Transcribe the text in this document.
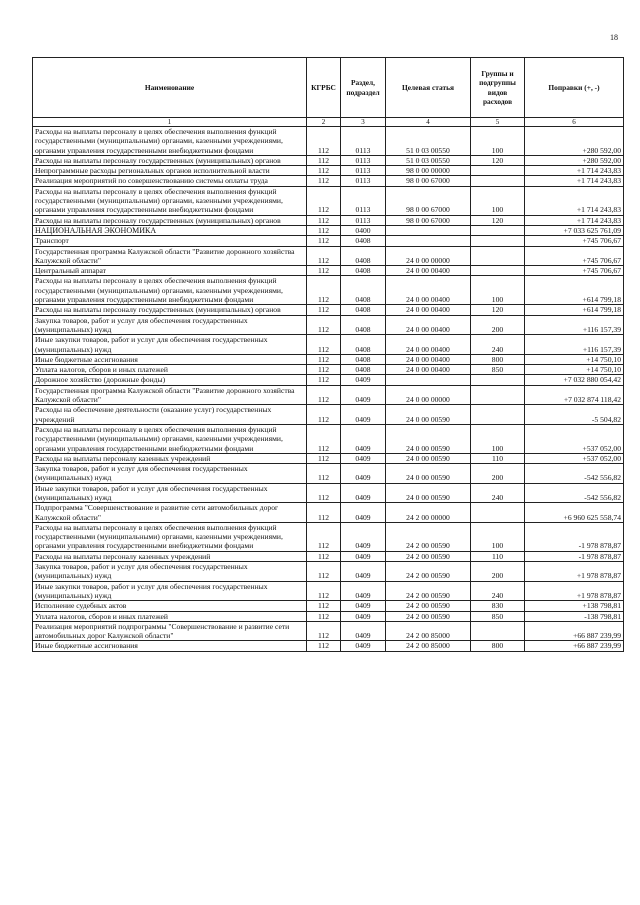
18
Наименование	КГРБС	Раздел, подраздел	Целевая статья	Группы и подгруппы видов расходов	Поправки (+, -)
1	2	3	4	5	6
Расходы на выплаты персоналу в целях обеспечения выполнения функций государственными (муниципальными) органами, казенными учреждениями, органами управления государственными внебюджетными фондами	112	0113	51 0 03 00550	100	+280 592,00
Расходы на выплаты персоналу государственных (муниципальных) органов	112	0113	51 0 03 00550	120	+280 592,00
Непрограммные расходы региональных органов исполнительной власти	112	0113	98 0 00 00000		+1 714 243,83
Реализация мероприятий по совершенствованию системы оплаты труда	112	0113	98 0 00 67000		+1 714 243,83
Расходы на выплаты персоналу в целях обеспечения выполнения функций государственными (муниципальными) органами, казенными учреждениями, органами управления государственными внебюджетными фондами	112	0113	98 0 00 67000	100	+1 714 243,83
Расходы на выплаты персоналу государственных (муниципальных) органов	112	0113	98 0 00 67000	120	+1 714 243,83
НАЦИОНАЛЬНАЯ ЭКОНОМИКА	112	0400			+7 033 625 761,09
Транспорт	112	0408			+745 706,67
Государственная программа Калужской области "Развитие дорожного хозяйства Калужской области"	112	0408	24 0 00 00000		+745 706,67
Центральный аппарат	112	0408	24 0 00 00400		+745 706,67
Расходы на выплаты персоналу в целях обеспечения выполнения функций государственными (муниципальными) органами, казенными учреждениями, органами управления государственными внебюджетными фондами	112	0408	24 0 00 00400	100	+614 799,18
Расходы на выплаты персоналу государственных (муниципальных) органов	112	0408	24 0 00 00400	120	+614 799,18
Закупка товаров, работ и услуг для обеспечения государственных (муниципальных) нужд	112	0408	24 0 00 00400	200	+116 157,39
Иные закупки товаров, работ и услуг для обеспечения государственных (муниципальных) нужд	112	0408	24 0 00 00400	240	+116 157,39
Иные бюджетные ассигнования	112	0408	24 0 00 00400	800	+14 750,10
Уплата налогов, сборов и иных платежей	112	0408	24 0 00 00400	850	+14 750,10
Дорожное хозяйство (дорожные фонды)	112	0409			+7 032 880 054,42
Государственная программа Калужской области "Развитие дорожного хозяйства Калужской области"	112	0409	24 0 00 00000		+7 032 874 118,42
Расходы на обеспечение деятельности (оказание услуг) государственных учреждений	112	0409	24 0 00 00590		-5 504,82
Расходы на выплаты персоналу в целях обеспечения выполнения функций государственными (муниципальными) органами, казенными учреждениями, органами управления государственными внебюджетными фондами	112	0409	24 0 00 00590	100	+537 052,00
Расходы на выплаты персоналу казенных учреждений	112	0409	24 0 00 00590	110	+537 052,00
Закупка товаров, работ и услуг для обеспечения государственных (муниципальных) нужд	112	0409	24 0 00 00590	200	-542 556,82
Иные закупки товаров, работ и услуг для обеспечения государственных (муниципальных) нужд	112	0409	24 0 00 00590	240	-542 556,82
Подпрограмма "Совершенствование и развитие сети автомобильных дорог Калужской области"	112	0409	24 2 00 00000		+6 960 625 558,74
Расходы на выплаты персоналу в целях обеспечения выполнения функций государственными (муниципальными) органами, казенными учреждениями, органами управления государственными внебюджетными фондами	112	0409	24 2 00 00590	100	-1 978 878,87
Расходы на выплаты персоналу казенных учреждений	112	0409	24 2 00 00590	110	-1 978 878,87
Закупка товаров, работ и услуг для обеспечения государственных (муниципальных) нужд	112	0409	24 2 00 00590	200	+1 978 878,87
Иные закупки товаров, работ и услуг для обеспечения государственных (муниципальных) нужд	112	0409	24 2 00 00590	240	+1 978 878,87
Исполнение судебных актов	112	0409	24 2 00 00590	830	+138 798,81
Уплата налогов, сборов и иных платежей	112	0409	24 2 00 00590	850	-138 798,81
Реализация мероприятий подпрограммы "Совершенствование и развитие сети автомобильных дорог Калужской области"	112	0409	24 2 00 85000		+66 887 239,99
Иные бюджетные ассигнования	112	0409	24 2 00 85000	800	+66 887 239,99
